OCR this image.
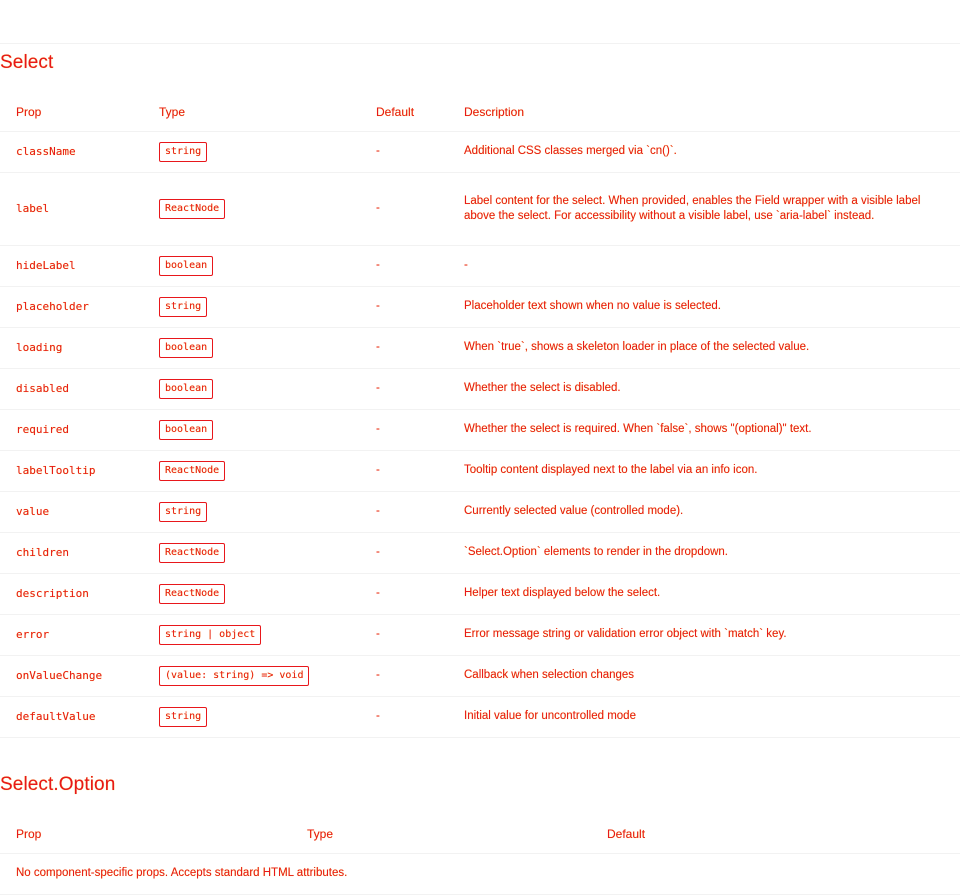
Select
Prop	Type	Default	Description
className	string	-	Additional CSS classes merged via `cn()`.
label	ReactNode	-	Label content for the select. When provided, enables the Field wrapper with a visible label above the select. For accessibility without a visible label, use `aria-label` instead.
hideLabel	boolean	-	-
placeholder	string	-	Placeholder text shown when no value is selected.
loading	boolean	-	When `true`, shows a skeleton loader in place of the selected value.
disabled	boolean	-	Whether the select is disabled.
required	boolean	-	Whether the select is required. When `false`, shows "(optional)" text.
labelTooltip	ReactNode	-	Tooltip content displayed next to the label via an info icon.
value	string	-	Currently selected value (controlled mode).
children	ReactNode	-	`Select.Option` elements to render in the dropdown.
description	ReactNode	-	Helper text displayed below the select.
error	string | object	-	Error message string or validation error object with `match` key.
onValueChange	(value: string) => void	-	Callback when selection changes
defaultValue	string	-	Initial value for uncontrolled mode
Select.Option
Prop	Type	Default
No component-specific props. Accepts standard HTML attributes.
